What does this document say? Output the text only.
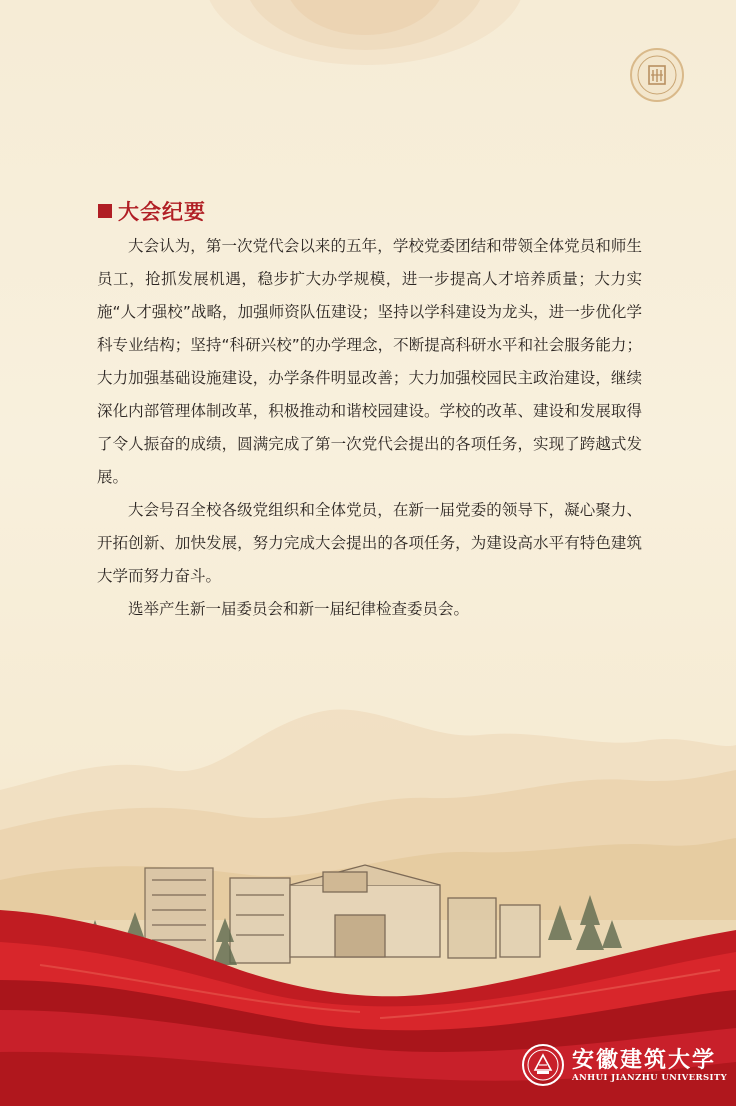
大会纪要

大会认为，第一次党代会以来的五年，学校党委团结和带领全体党员和师生员工，抢抓发展机遇，稳步扩大办学规模，进一步提高人才培养质量；大力实施“人才强校”战略，加强师资队伍建设；坚持以学科建设为龙头，进一步优化学科专业结构；坚持“科研兴校”的办学理念，不断提高科研水平和社会服务能力；大力加强基础设施建设，办学条件明显改善；大力加强校园民主政治建设，继续深化内部管理体制改革，积极推动和谐校园建设。学校的改革、建设和发展取得了令人振奋的成绩，圆满完成了第一次党代会提出的各项任务，实现了跨越式发展。

大会号召全校各级党组织和全体党员，在新一届党委的领导下，凝心聚力、开拓创新、加快发展，努力完成大会提出的各项任务，为建设高水平有特色建筑大学而努力奋斗。

选举产生新一届委员会和新一届纪律检查委员会。

安徽建筑大学
ANHUI JIANZHU UNIVERSITY
